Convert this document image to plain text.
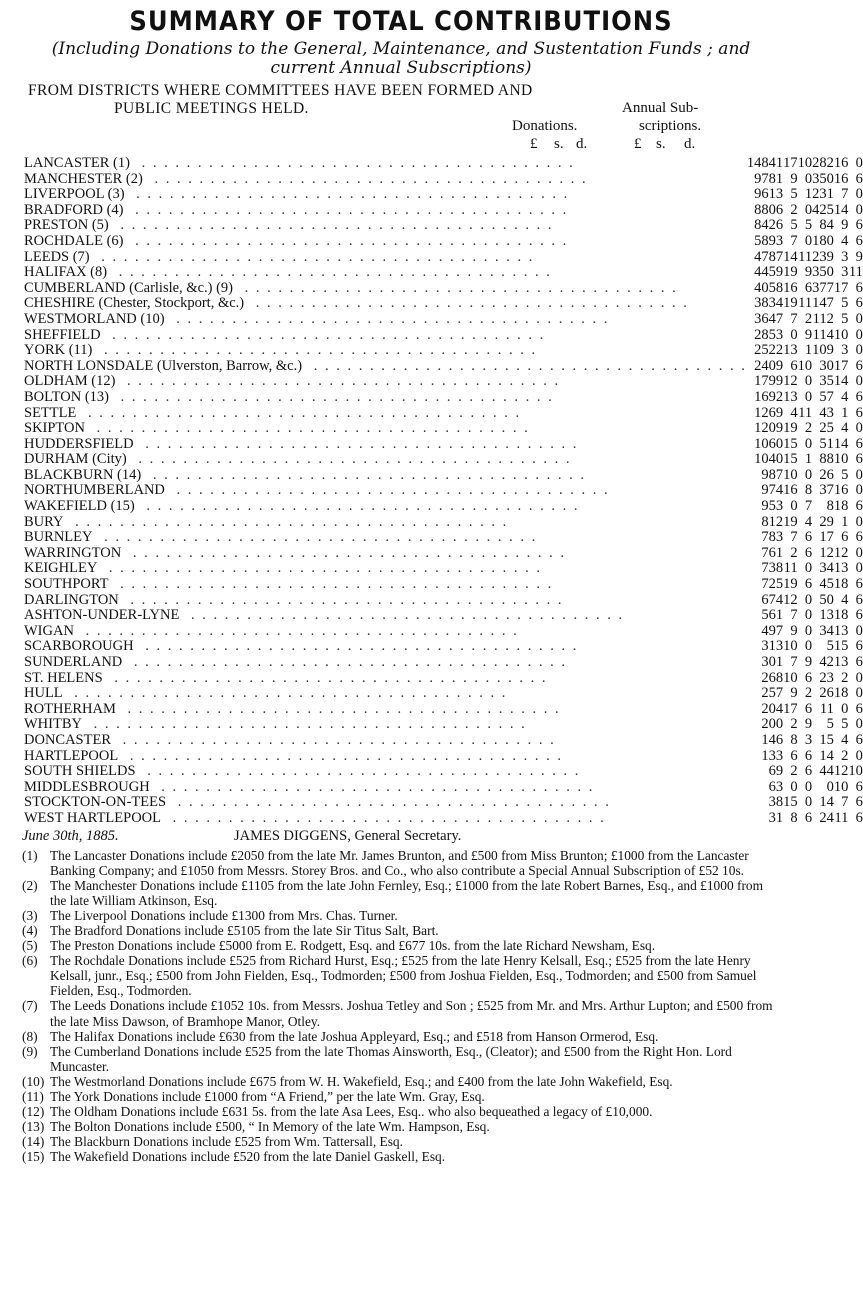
SUMMARY OF TOTAL CONTRIBUTIONS
(Including Donations to the General, Maintenance, and Sustentation Funds ; and current Annual Subscriptions)
FROM DISTRICTS WHERE COMMITTEES HAVE BEEN FORMED AND
PUBLIC MEETINGS HELD.	Annual Sub-
Donations.	scriptions.
£ s. d.	£ s. d.
LANCASTER (1) . . . . . . . . . . . . . . . . . . . . . . . . . . . . . . . . . . . . . . .	14841	17	10		282	16	0
MANCHESTER (2) . . . . . . . . . . . . . . . . . . . . . . . . . . . . . . . . . . . . . . .	9781	9	0		350	16	6
LIVERPOOL (3) . . . . . . . . . . . . . . . . . . . . . . . . . . . . . . . . . . . . . . .	9613	5	1		231	7	0
BRADFORD (4) . . . . . . . . . . . . . . . . . . . . . . . . . . . . . . . . . . . . . . .	8806	2	0		425	14	0
PRESTON (5) . . . . . . . . . . . . . . . . . . . . . . . . . . . . . . . . . . . . . . .	8426	5	5		84	9	6
ROCHDALE (6) . . . . . . . . . . . . . . . . . . . . . . . . . . . . . . . . . . . . . . .	5893	7	0		180	4	6
LEEDS (7) . . . . . . . . . . . . . . . . . . . . . . . . . . . . . . . . . . . . . . .	4787	14	11		239	3	9
HALIFAX (8) . . . . . . . . . . . . . . . . . . . . . . . . . . . . . . . . . . . . . . .	4459	19	9		350	3	11
CUMBERLAND (Carlisle, &c.) (9) . . . . . . . . . . . . . . . . . . . . . . . . . . . . . . . . . . . . . . .	4058	16	6		377	17	6
CHESHIRE (Chester, Stockport, &c.) . . . . . . . . . . . . . . . . . . . . . . . . . . . . . . . . . . . . . . .	3834	19	11		147	5	6
WESTMORLAND (10) . . . . . . . . . . . . . . . . . . . . . . . . . . . . . . . . . . . . . . .	3647	7	2		112	5	0
SHEFFIELD . . . . . . . . . . . . . . . . . . . . . . . . . . . . . . . . . . . . . . .	2853	0	9		114	10	0
YORK (11) . . . . . . . . . . . . . . . . . . . . . . . . . . . . . . . . . . . . . . .	2522	13	1		109	3	0
NORTH LONSDALE (Ulverston, Barrow, &c.) . . . . . . . . . . . . . . . . . . . . . . . . . . . . . . . . . . . . . . .	2409	6	10		30	17	6
OLDHAM (12) . . . . . . . . . . . . . . . . . . . . . . . . . . . . . . . . . . . . . . .	1799	12	0		35	14	0
BOLTON (13) . . . . . . . . . . . . . . . . . . . . . . . . . . . . . . . . . . . . . . .	1692	13	0		57	4	6
SETTLE . . . . . . . . . . . . . . . . . . . . . . . . . . . . . . . . . . . . . . .	1269	4	11		43	1	6
SKIPTON . . . . . . . . . . . . . . . . . . . . . . . . . . . . . . . . . . . . . . .	1209	19	2		25	4	0
HUDDERSFIELD . . . . . . . . . . . . . . . . . . . . . . . . . . . . . . . . . . . . . . .	1060	15	0		51	14	6
DURHAM (City) . . . . . . . . . . . . . . . . . . . . . . . . . . . . . . . . . . . . . . .	1040	15	1		88	10	6
BLACKBURN (14) . . . . . . . . . . . . . . . . . . . . . . . . . . . . . . . . . . . . . . .	987	10	0		26	5	0
NORTHUMBERLAND . . . . . . . . . . . . . . . . . . . . . . . . . . . . . . . . . . . . . . .	974	16	8		37	16	0
WAKEFIELD (15) . . . . . . . . . . . . . . . . . . . . . . . . . . . . . . . . . . . . . . .	953	0	7		8	18	6
BURY . . . . . . . . . . . . . . . . . . . . . . . . . . . . . . . . . . . . . . .	812	19	4		29	1	0
BURNLEY . . . . . . . . . . . . . . . . . . . . . . . . . . . . . . . . . . . . . . .	783	7	6		17	6	6
WARRINGTON . . . . . . . . . . . . . . . . . . . . . . . . . . . . . . . . . . . . . . .	761	2	6		12	12	0
KEIGHLEY . . . . . . . . . . . . . . . . . . . . . . . . . . . . . . . . . . . . . . .	738	11	0		34	13	0
SOUTHPORT . . . . . . . . . . . . . . . . . . . . . . . . . . . . . . . . . . . . . . .	725	19	6		45	18	6
DARLINGTON . . . . . . . . . . . . . . . . . . . . . . . . . . . . . . . . . . . . . . .	674	12	0		50	4	6
ASHTON-UNDER-LYNE . . . . . . . . . . . . . . . . . . . . . . . . . . . . . . . . . . . . . . .	561	7	0		13	18	6
WIGAN . . . . . . . . . . . . . . . . . . . . . . . . . . . . . . . . . . . . . . .	497	9	0		34	13	0
SCARBOROUGH . . . . . . . . . . . . . . . . . . . . . . . . . . . . . . . . . . . . . . .	313	10	0		5	15	6
SUNDERLAND . . . . . . . . . . . . . . . . . . . . . . . . . . . . . . . . . . . . . . .	301	7	9		42	13	6
ST. HELENS . . . . . . . . . . . . . . . . . . . . . . . . . . . . . . . . . . . . . . .	268	10	6		23	2	0
HULL . . . . . . . . . . . . . . . . . . . . . . . . . . . . . . . . . . . . . . .	257	9	2		26	18	0
ROTHERHAM . . . . . . . . . . . . . . . . . . . . . . . . . . . . . . . . . . . . . . .	204	17	6		11	0	6
WHITBY . . . . . . . . . . . . . . . . . . . . . . . . . . . . . . . . . . . . . . .	200	2	9		5	5	0
DONCASTER . . . . . . . . . . . . . . . . . . . . . . . . . . . . . . . . . . . . . . .	146	8	3		15	4	6
HARTLEPOOL . . . . . . . . . . . . . . . . . . . . . . . . . . . . . . . . . . . . . . .	133	6	6		14	2	0
SOUTH SHIELDS . . . . . . . . . . . . . . . . . . . . . . . . . . . . . . . . . . . . . . .	69	2	6		44	12	10
MIDDLESBROUGH . . . . . . . . . . . . . . . . . . . . . . . . . . . . . . . . . . . . . . .	63	0	0		0	10	6
STOCKTON-ON-TEES . . . . . . . . . . . . . . . . . . . . . . . . . . . . . . . . . . . . . . .	38	15	0		14	7	6
WEST HARTLEPOOL . . . . . . . . . . . . . . . . . . . . . . . . . . . . . . . . . . . . . . .	31	8	6		24	11	6
June 30th, 1885.	JAMES DIGGENS, General Secretary.
(1) The Lancaster Donations include £2050 from the late Mr. James Brunton, and £500 from Miss Brunton; £1000 from the Lancaster Banking Company; and £1050 from Messrs. Storey Bros. and Co., who also contribute a Special Annual Subscription of £52 10s.
(2) The Manchester Donations include £1105 from the late John Fernley, Esq.; £1000 from the late Robert Barnes, Esq., and £1000 from the late William Atkinson, Esq.
(3) The Liverpool Donations include £1300 from Mrs. Chas. Turner.
(4) The Bradford Donations include £5105 from the late Sir Titus Salt, Bart.
(5) The Preston Donations include £5000 from E. Rodgett, Esq. and £677 10s. from the late Richard Newsham, Esq.
(6) The Rochdale Donations include £525 from Richard Hurst, Esq.; £525 from the late Henry Kelsall, Esq.; £525 from the late Henry Kelsall, junr., Esq.; £500 from John Fielden, Esq., Todmorden; £500 from Joshua Fielden, Esq., Todmorden; and £500 from Samuel Fielden, Esq., Todmorden.
(7) The Leeds Donations include £1052 10s. from Messrs. Joshua Tetley and Son ; £525 from Mr. and Mrs. Arthur Lupton; and £500 from the late Miss Dawson, of Bramhope Manor, Otley.
(8) The Halifax Donations include £630 from the late Joshua Appleyard, Esq.; and £518 from Hanson Ormerod, Esq.
(9) The Cumberland Donations include £525 from the late Thomas Ainsworth, Esq., (Cleator); and £500 from the Right Hon. Lord Muncaster.
(10) The Westmorland Donations include £675 from W. H. Wakefield, Esq.; and £400 from the late John Wakefield, Esq.
(11) The York Donations include £1000 from “A Friend,” per the late Wm. Gray, Esq.
(12) The Oldham Donations include £631 5s. from the late Asa Lees, Esq.. who also bequeathed a legacy of £10,000.
(13) The Bolton Donations include £500, “ In Memory of the late Wm. Hampson, Esq.
(14) The Blackburn Donations include £525 from Wm. Tattersall, Esq.
(15) The Wakefield Donations include £520 from the late Daniel Gaskell, Esq.
